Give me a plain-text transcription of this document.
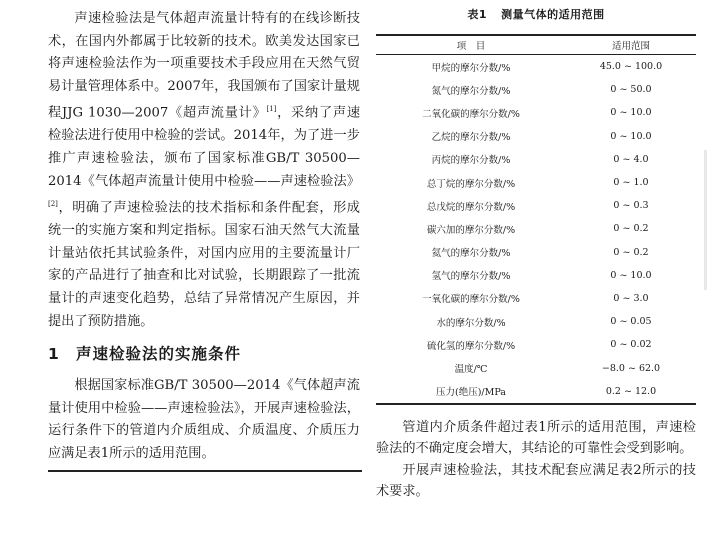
声速检验法是气体超声流量计特有的在线诊断技术，在国内外都属于比较新的技术。欧美发达国家已将声速检验法作为一项重要技术手段应用在天然气贸易计量管理体系中。2007年，我国颁布了国家计量规程JJG 1030—2007《超声流量计》[1]，采纳了声速检验法进行使用中检验的尝试。2014年，为了进一步推广声速检验法，颁布了国家标准GB/T 30500—2014《气体超声流量计使用中检验——声速检验法》[2]，明确了声速检验法的技术指标和条件配套，形成统一的实施方案和判定指标。国家石油天然气大流量计量站依托其试验条件，对国内应用的主要流量计厂家的产品进行了抽查和比对试验，长期跟踪了一批流量计的声速变化趋势，总结了异常情况产生原因，并提出了预防措施。

1 声速检验法的实施条件

根据国家标准GB/T 30500—2014《气体超声流量计使用中检验——声速检验法》，开展声速检验法，运行条件下的管道内介质组成、介质温度、介质压力应满足表1所示的适用范围。

表1 测量气体的适用范围
项　目	适用范围
甲烷的摩尔分数/%	45.0 ~ 100.0
氮气的摩尔分数/%	0 ~ 50.0
二氧化碳的摩尔分数/%	0 ~ 10.0
乙烷的摩尔分数/%	0 ~ 10.0
丙烷的摩尔分数/%	0 ~ 4.0
总丁烷的摩尔分数/%	0 ~ 1.0
总戊烷的摩尔分数/%	0 ~ 0.3
碳六加的摩尔分数/%	0 ~ 0.2
氦气的摩尔分数/%	0 ~ 0.2
氢气的摩尔分数/%	0 ~ 10.0
一氧化碳的摩尔分数/%	0 ~ 3.0
水的摩尔分数/%	0 ~ 0.05
硫化氢的摩尔分数/%	0 ~ 0.02
温度/℃	−8.0 ~ 62.0
压力(绝压)/MPa	0.2 ~ 12.0

管道内介质条件超过表1所示的适用范围，声速检验法的不确定度会增大，其结论的可靠性会受到影响。

开展声速检验法，其技术配套应满足表2所示的技术要求。
